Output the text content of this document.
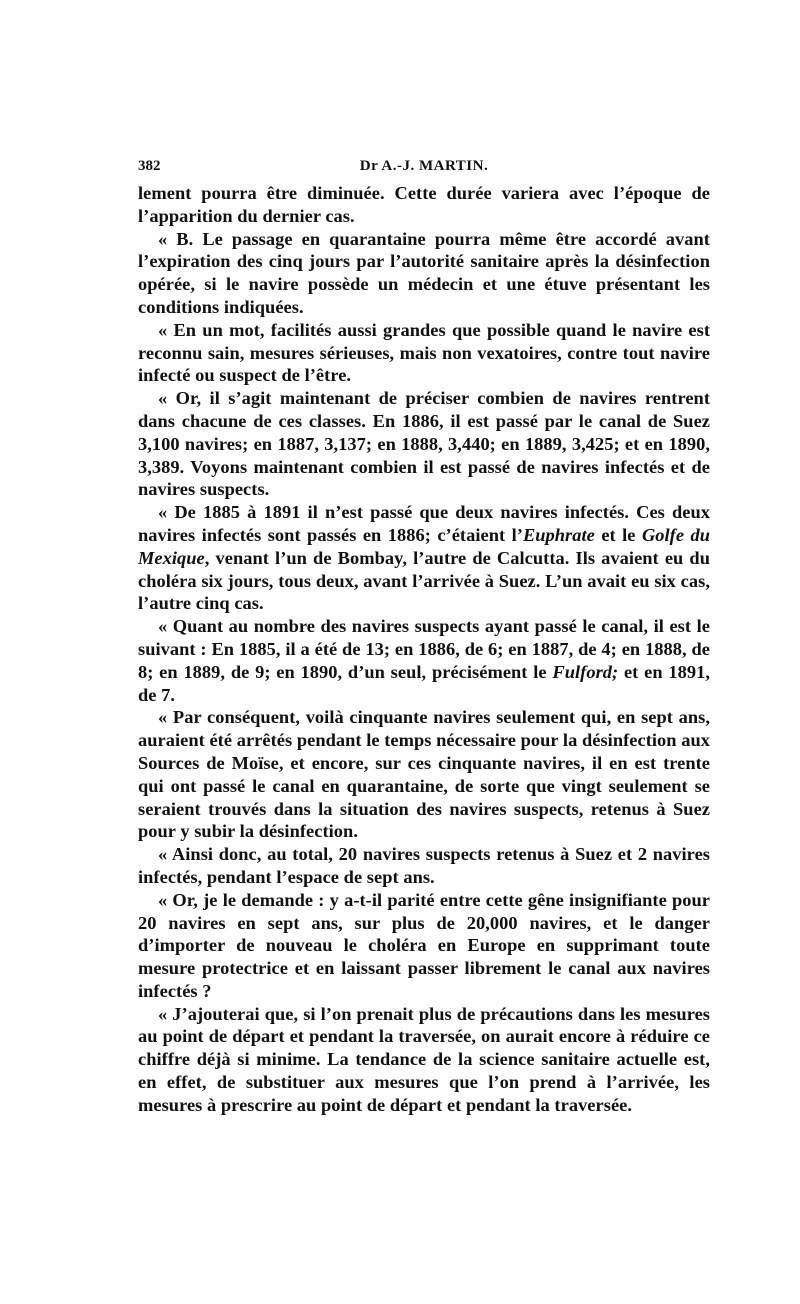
382	Dr A.-J. MARTIN.

lement pourra être diminuée. Cette durée variera avec l’époque de l’apparition du dernier cas.

« B. Le passage en quarantaine pourra même être accordé avant l’expiration des cinq jours par l’autorité sanitaire après la désinfection opérée, si le navire possède un médecin et une étuve présentant les conditions indiquées.

« En un mot, facilités aussi grandes que possible quand le navire est reconnu sain, mesures sérieuses, mais non vexatoires, contre tout navire infecté ou suspect de l’être.

« Or, il s’agit maintenant de préciser combien de navires rentrent dans chacune de ces classes. En 1886, il est passé par le canal de Suez 3,100 navires; en 1887, 3,137; en 1888, 3,440; en 1889, 3,425; et en 1890, 3,389. Voyons maintenant combien il est passé de navires infectés et de navires suspects.

« De 1885 à 1891 il n’est passé que deux navires infectés. Ces deux navires infectés sont passés en 1886; c’étaient l’Euphrate et le Golfe du Mexique, venant l’un de Bombay, l’autre de Calcutta. Ils avaient eu du choléra six jours, tous deux, avant l’arrivée à Suez. L’un avait eu six cas, l’autre cinq cas.

« Quant au nombre des navires suspects ayant passé le canal, il est le suivant : En 1885, il a été de 13; en 1886, de 6; en 1887, de 4; en 1888, de 8; en 1889, de 9; en 1890, d’un seul, précisément le Fulford; et en 1891, de 7.

« Par conséquent, voilà cinquante navires seulement qui, en sept ans, auraient été arrêtés pendant le temps nécessaire pour la désinfection aux Sources de Moïse, et encore, sur ces cinquante navires, il en est trente qui ont passé le canal en quarantaine, de sorte que vingt seulement se seraient trouvés dans la situation des navires suspects, retenus à Suez pour y subir la désinfection.

« Ainsi donc, au total, 20 navires suspects retenus à Suez et 2 navires infectés, pendant l’espace de sept ans.

« Or, je le demande : y a-t-il parité entre cette gêne insignifiante pour 20 navires en sept ans, sur plus de 20,000 navires, et le danger d’importer de nouveau le choléra en Europe en supprimant toute mesure protectrice et en laissant passer librement le canal aux navires infectés ?

« J’ajouterai que, si l’on prenait plus de précautions dans les mesures au point de départ et pendant la traversée, on aurait encore à réduire ce chiffre déjà si minime. La tendance de la science sanitaire actuelle est, en effet, de substituer aux mesures que l’on prend à l’arrivée, les mesures à prescrire au point de départ et pendant la traversée.
